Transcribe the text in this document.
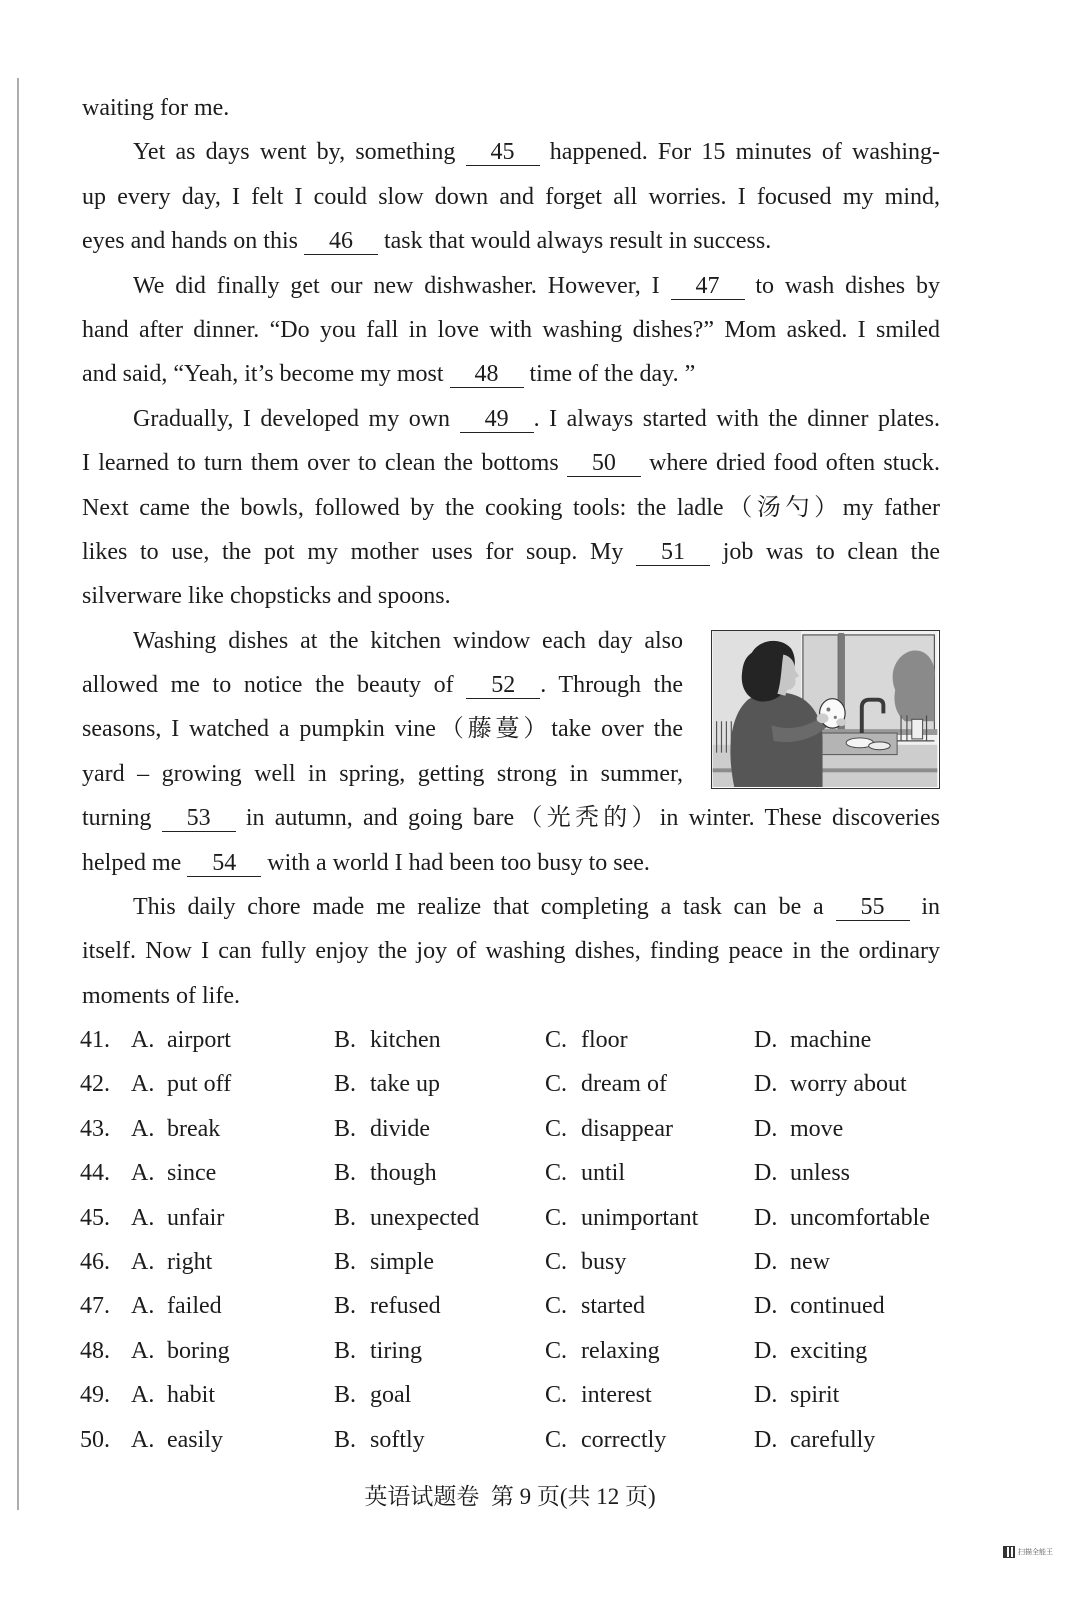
waiting for me.
Yet as days went by, something 45 happened. For 15 minutes of washing-
up every day, I felt I could slow down and forget all worries. I focused my mind,
eyes and hands on this 46 task that would always result in success.
We did finally get our new dishwasher. However, I 47 to wash dishes by
hand after dinner. “Do you fall in love with washing dishes?” Mom asked. I smiled
and said, “Yeah, it’s become my most 48 time of the day. ”
Gradually, I developed my own 49 . I always started with the dinner plates.
I learned to turn them over to clean the bottoms 50 where dried food often stuck.
Next came the bowls, followed by the cooking tools: the ladle（汤勺）my father
likes to use, the pot my mother uses for soup. My 51 job was to clean the
silverware like chopsticks and spoons.
Washing dishes at the kitchen window each day also
allowed me to notice the beauty of 52 . Through the
seasons, I watched a pumpkin vine（藤蔓）take over the
yard – growing well in spring, getting strong in summer,
turning 53 in autumn, and going bare（光秃的）in winter. These discoveries
helped me 54 with a world I had been too busy to see.
This daily chore made me realize that completing a task can be a 55 in
itself. Now I can fully enjoy the joy of washing dishes, finding peace in the ordinary
moments of life.
41. A. airport	B. kitchen	C. floor	D. machine
42. A. put off	B. take up	C. dream of	D. worry about
43. A. break	B. divide	C. disappear	D. move
44. A. since	B. though	C. until	D. unless
45. A. unfair	B. unexpected	C. unimportant D. uncomfortable
46. A. right	B. simple	C. busy	D. new
47. A. failed	B. refused	C. started	D. continued
48. A. boring	B. tiring	C. relaxing	D. exciting
49. A. habit	B. goal	C. interest	D. spirit
50. A. easily	B. softly	C. correctly	D. carefully
英语试题卷  第 9 页(共 12 页)
扫描全能王
